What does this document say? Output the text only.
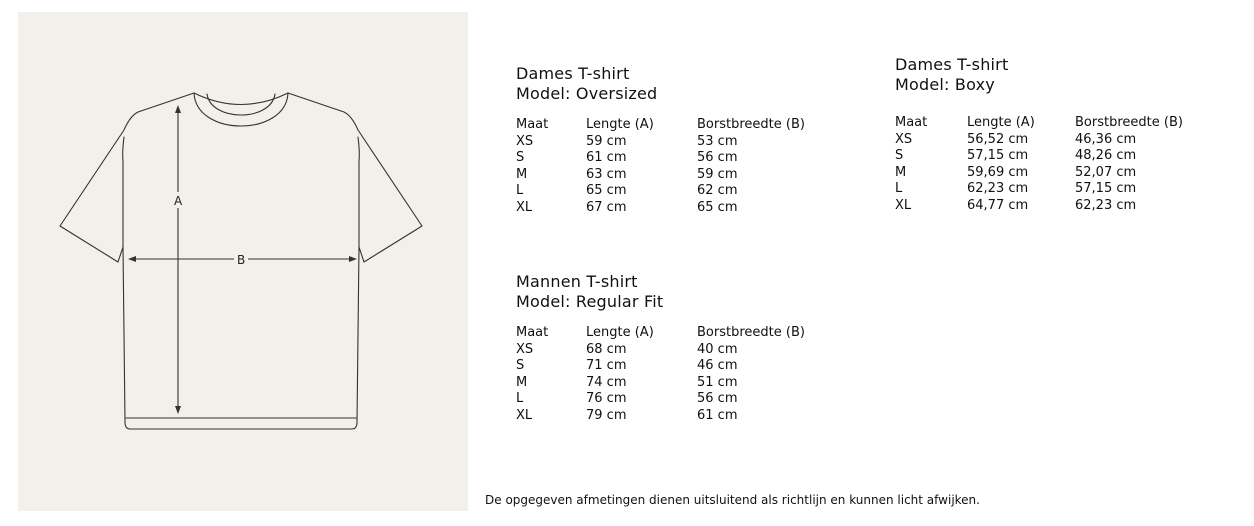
A
B
Dames T-shirt
Model: Oversized
Maat	Lengte (A)	Borstbreedte (B)
XS	59 cm	53 cm
S	61 cm	56 cm
M	63 cm	59 cm
L	65 cm	62 cm
XL	67 cm	65 cm
Dames T-shirt
Model: Boxy
Maat	Lengte (A)	Borstbreedte (B)
XS	56,52 cm	46,36 cm
S	57,15 cm	48,26 cm
M	59,69 cm	52,07 cm
L	62,23 cm	57,15 cm
XL	64,77 cm	62,23 cm
Mannen T-shirt
Model: Regular Fit
Maat	Lengte (A)	Borstbreedte (B)
XS	68 cm	40 cm
S	71 cm	46 cm
M	74 cm	51 cm
L	76 cm	56 cm
XL	79 cm	61 cm
De opgegeven afmetingen dienen uitsluitend als richtlijn en kunnen licht afwijken.
